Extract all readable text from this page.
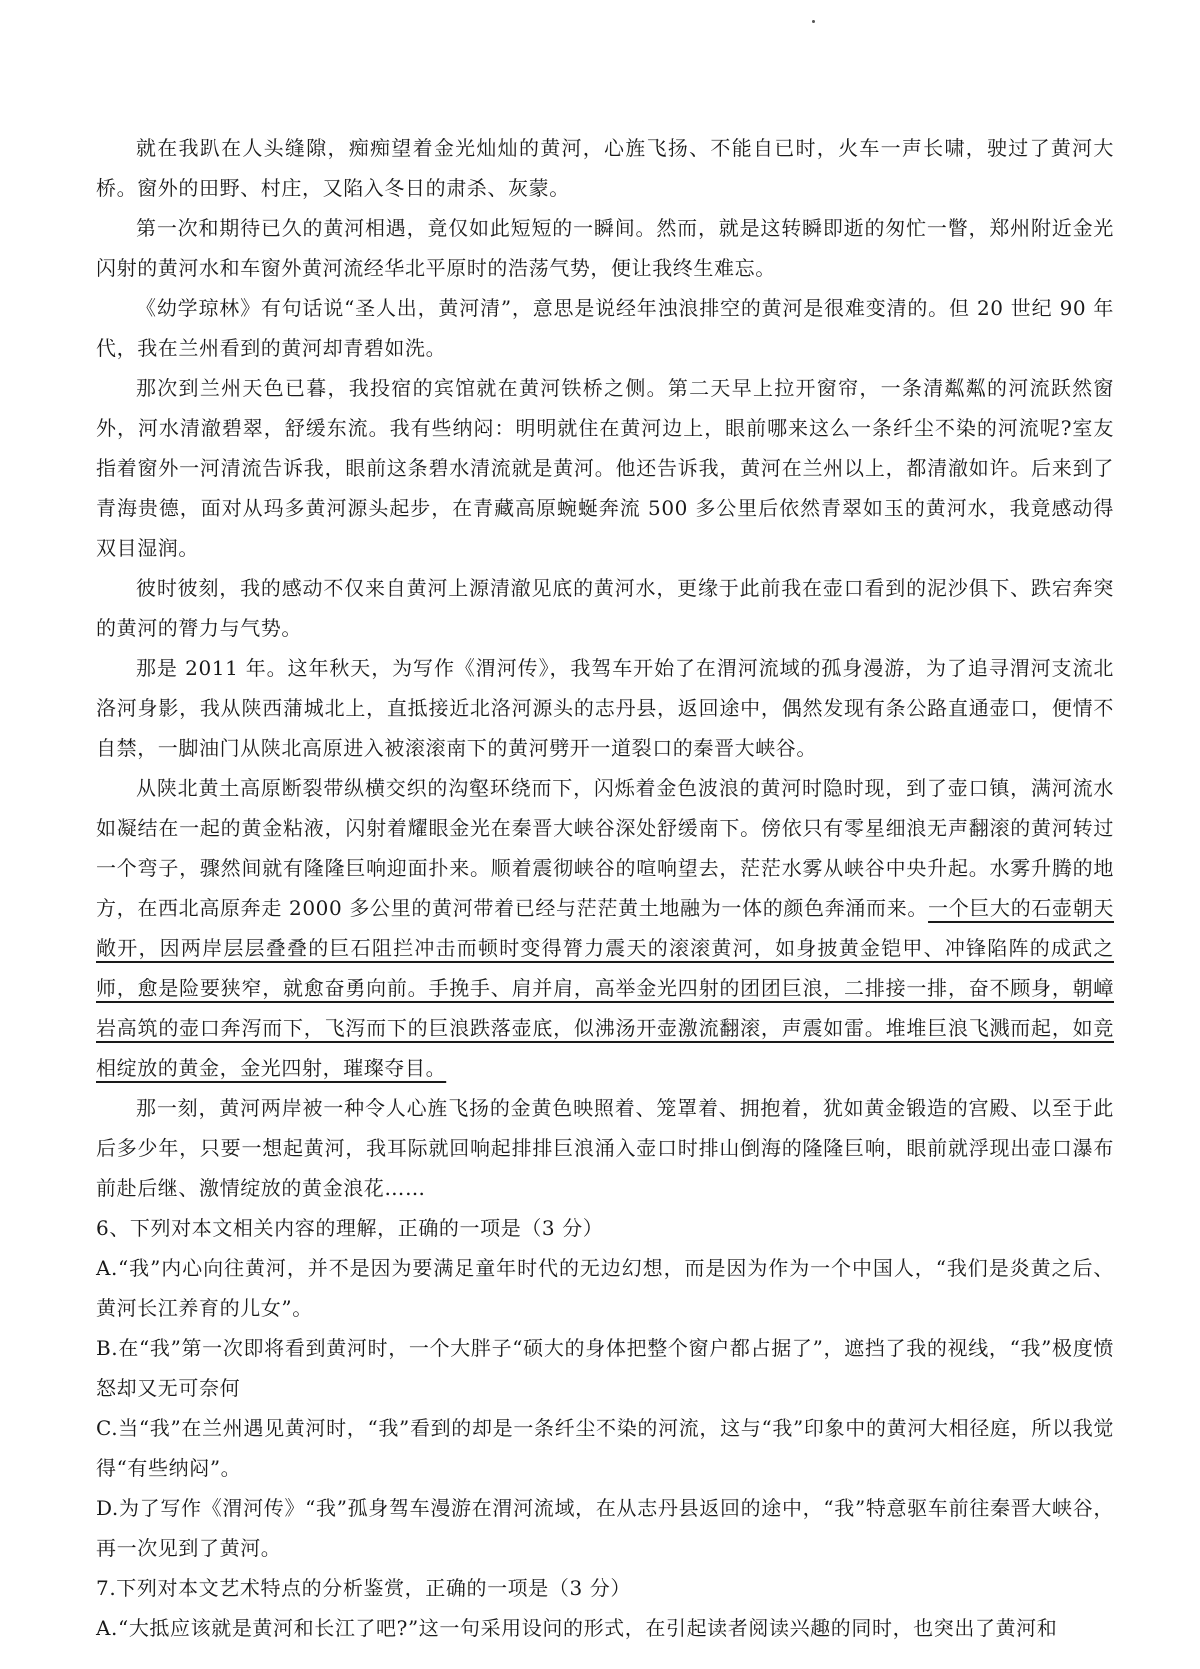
就在我趴在人头缝隙，痴痴望着金光灿灿的黄河，心旌飞扬、不能自已时，火车一声长啸，驶过了黄河大桥。窗外的田野、村庄，又陷入冬日的肃杀、灰蒙。

第一次和期待已久的黄河相遇，竟仅如此短短的一瞬间。然而，就是这转瞬即逝的匆忙一瞥，郑州附近金光闪射的黄河水和车窗外黄河流经华北平原时的浩荡气势，便让我终生难忘。

《幼学琼林》有句话说“圣人出，黄河清”，意思是说经年浊浪排空的黄河是很难变清的。但 20 世纪 90 年代，我在兰州看到的黄河却青碧如洗。

那次到兰州天色已暮，我投宿的宾馆就在黄河铁桥之侧。第二天早上拉开窗帘，一条清粼粼的河流跃然窗外，河水清澈碧翠，舒缓东流。我有些纳闷：明明就住在黄河边上，眼前哪来这么一条纤尘不染的河流呢?室友指着窗外一河清流告诉我，眼前这条碧水清流就是黄河。他还告诉我，黄河在兰州以上，都清澈如许。后来到了青海贵德，面对从玛多黄河源头起步，在青藏高原蜿蜒奔流 500 多公里后依然青翠如玉的黄河水，我竟感动得双目湿润。

彼时彼刻，我的感动不仅来自黄河上源清澈见底的黄河水，更缘于此前我在壶口看到的泥沙俱下、跌宕奔突的黄河的膂力与气势。

那是 2011 年。这年秋天，为写作《渭河传》，我驾车开始了在渭河流域的孤身漫游，为了追寻渭河支流北洛河身影，我从陕西蒲城北上，直抵接近北洛河源头的志丹县，返回途中，偶然发现有条公路直通壶口，便情不自禁，一脚油门从陕北高原进入被滚滚南下的黄河劈开一道裂口的秦晋大峡谷。

从陕北黄土高原断裂带纵横交织的沟壑环绕而下，闪烁着金色波浪的黄河时隐时现，到了壶口镇，满河流水如凝结在一起的黄金粘液，闪射着耀眼金光在秦晋大峡谷深处舒缓南下。傍依只有零星细浪无声翻滚的黄河转过一个弯子，骤然间就有隆隆巨响迎面扑来。顺着震彻峡谷的喧响望去，茫茫水雾从峡谷中央升起。水雾升腾的地方，在西北高原奔走 2000 多公里的黄河带着已经与茫茫黄土地融为一体的颜色奔涌而来。一个巨大的石壶朝天敞开，因两岸层层叠叠的巨石阻拦冲击而顿时变得膂力震天的滚滚黄河，如身披黄金铠甲、冲锋陷阵的成武之师，愈是险要狭窄，就愈奋勇向前。手挽手、肩并肩，高举金光四射的团团巨浪，二排接一排，奋不顾身，朝嶂岩高筑的壶口奔泻而下，飞泻而下的巨浪跌落壶底，似沸汤开壶激流翻滚，声震如雷。堆堆巨浪飞溅而起，如竞相绽放的黄金，金光四射，璀璨夺目。

那一刻，黄河两岸被一种令人心旌飞扬的金黄色映照着、笼罩着、拥抱着，犹如黄金锻造的宫殿、以至于此后多少年，只要一想起黄河，我耳际就回响起排排巨浪涌入壶口时排山倒海的隆隆巨响，眼前就浮现出壶口瀑布前赴后继、激情绽放的黄金浪花……

6、下列对本文相关内容的理解，正确的一项是（3 分）

A.“我”内心向往黄河，并不是因为要满足童年时代的无边幻想，而是因为作为一个中国人，“我们是炎黄之后、黄河长江养育的儿女”。

B.在“我”第一次即将看到黄河时，一个大胖子“硕大的身体把整个窗户都占据了”，遮挡了我的视线，“我”极度愤怒却又无可奈何

C.当“我”在兰州遇见黄河时，“我”看到的却是一条纤尘不染的河流，这与“我”印象中的黄河大相径庭，所以我觉得“有些纳闷”。

D.为了写作《渭河传》“我”孤身驾车漫游在渭河流域，在从志丹县返回的途中，“我”特意驱车前往秦晋大峡谷，再一次见到了黄河。

7.下列对本文艺术特点的分析鉴赏，正确的一项是（3 分）

A.“大抵应该就是黄河和长江了吧?”这一句采用设问的形式，在引起读者阅读兴趣的同时，也突出了黄河和
